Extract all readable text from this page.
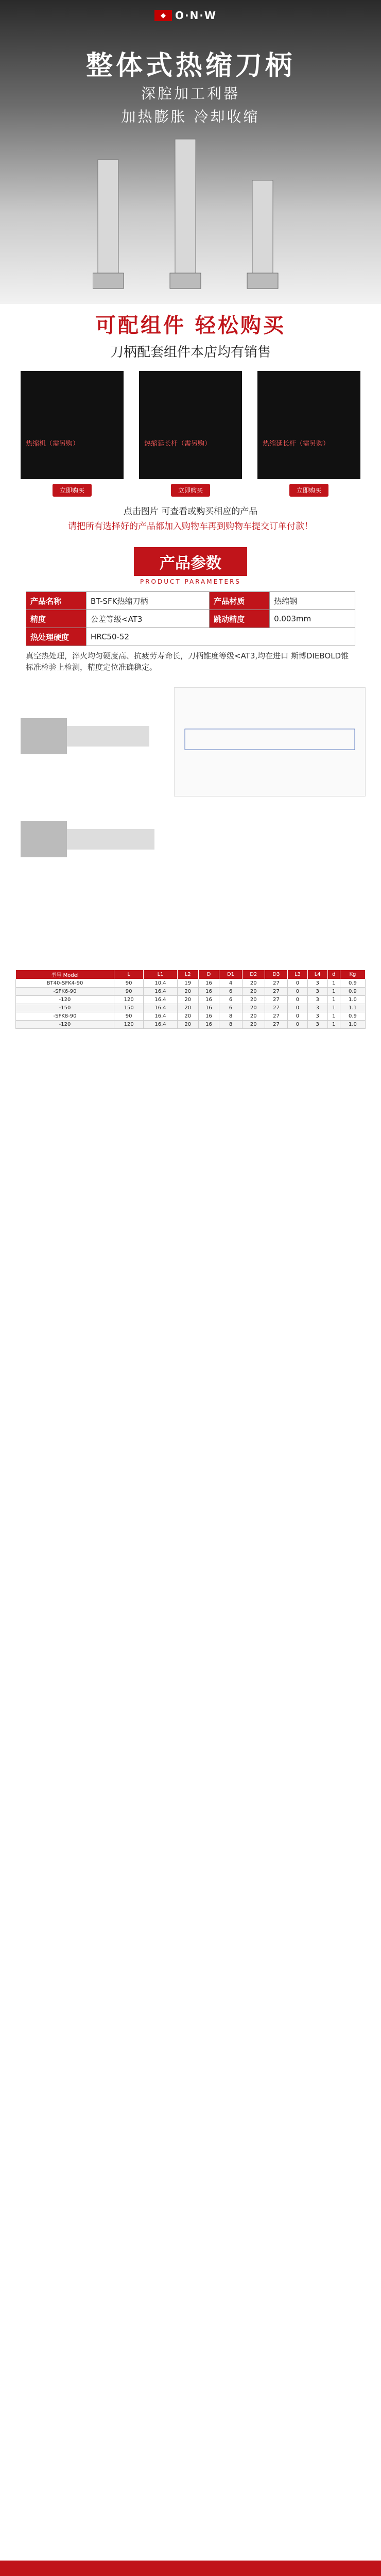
◆ O·N·W
整体式热缩刀柄
深腔加工利器
加热膨胀 冷却收缩
可配组件 轻松购买
刀柄配套组件本店均有销售
热缩机（需另购）
立即购买
热缩延长杆（需另购）
立即购买
热缩延长杆（需另购）
立即购买
点击图片 可查看或购买相应的产品
请把所有选择好的产品都加入购物车再到购物车提交订单付款！
产品参数
PRODUCT PARAMETERS
产品名称	BT-SFK热缩刀柄	产品材质	热缩钢
精度	公差等级<AT3	跳动精度	0.003mm
热处理硬度	HRC50-52		
真空热处理，淬火均匀硬度高、抗疲劳寿命长，刀柄锥度等级<AT3,均在进口 斯博DIEBOLD锥标准检验上检测，精度定位准确稳定。
型号 Model	L	L1	L2	D	D1	D2	D3	L3	L4	d	Kg
BT40-SFK4-90	90	10.4	19	16	4	20	27	0	3	1	0.9
-SFK6-90	90	16.4	20	16	6	20	27	0	3	1	0.9
-120	120	16.4	20	16	6	20	27	0	3	1	1.0
-150	150	16.4	20	16	6	20	27	0	3	1	1.1
-SFK8-90	90	16.4	20	16	8	20	27	0	3	1	0.9
-120	120	16.4	20	16	8	20	27	0	3	1	1.0
